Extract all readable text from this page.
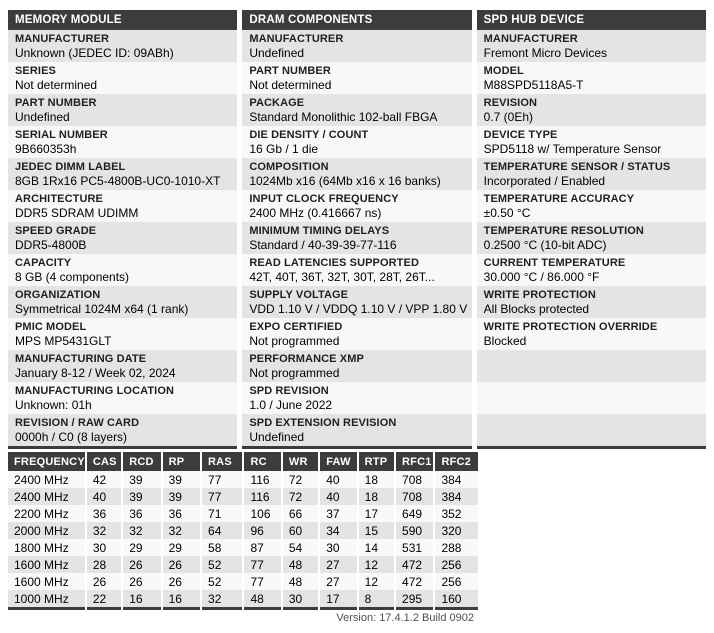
MEMORY MODULE
MANUFACTURER
Unknown (JEDEC ID: 09ABh)
SERIES
Not determined
PART NUMBER
Undefined
SERIAL NUMBER
9B660353h
JEDEC DIMM LABEL
8GB 1Rx16 PC5-4800B-UC0-1010-XT
ARCHITECTURE
DDR5 SDRAM UDIMM
SPEED GRADE
DDR5-4800B
CAPACITY
8 GB (4 components)
ORGANIZATION
Symmetrical 1024M x64 (1 rank)
PMIC MODEL
MPS MP5431GLT
MANUFACTURING DATE
January 8-12 / Week 02, 2024
MANUFACTURING LOCATION
Unknown: 01h
REVISION / RAW CARD
0000h / C0 (8 layers)
DRAM COMPONENTS
MANUFACTURER
Undefined
PART NUMBER
Not determined
PACKAGE
Standard Monolithic 102-ball FBGA
DIE DENSITY / COUNT
16 Gb / 1 die
COMPOSITION
1024Mb x16 (64Mb x16 x 16 banks)
INPUT CLOCK FREQUENCY
2400 MHz (0.416667 ns)
MINIMUM TIMING DELAYS
Standard / 40-39-39-77-116
READ LATENCIES SUPPORTED
42T, 40T, 36T, 32T, 30T, 28T, 26T...
SUPPLY VOLTAGE
VDD 1.10 V / VDDQ 1.10 V / VPP 1.80 V
EXPO CERTIFIED
Not programmed
PERFORMANCE XMP
Not programmed
SPD REVISION
1.0 / June 2022
SPD EXTENSION REVISION
Undefined
SPD HUB DEVICE
MANUFACTURER
Fremont Micro Devices
MODEL
M88SPD5118A5-T
REVISION
0.7 (0Eh)
DEVICE TYPE
SPD5118 w/ Temperature Sensor
TEMPERATURE SENSOR / STATUS
Incorporated / Enabled
TEMPERATURE ACCURACY
±0.50 °C
TEMPERATURE RESOLUTION
0.2500 °C (10-bit ADC)
CURRENT TEMPERATURE
30.000 °C / 86.000 °F
WRITE PROTECTION
All Blocks protected
WRITE PROTECTION OVERRIDE
Blocked
FREQUENCY	CAS	RCD	RP	RAS	RC	WR	FAW	RTP	RFC1	RFC2
2400 MHz	42	39	39	77	116	72	40	18	708	384
2400 MHz	40	39	39	77	116	72	40	18	708	384
2200 MHz	36	36	36	71	106	66	37	17	649	352
2000 MHz	32	32	32	64	96	60	34	15	590	320
1800 MHz	30	29	29	58	87	54	30	14	531	288
1600 MHz	28	26	26	52	77	48	27	12	472	256
1600 MHz	26	26	26	52	77	48	27	12	472	256
1000 MHz	22	16	16	32	48	30	17	8	295	160
Version: 17.4.1.2 Build 0902
